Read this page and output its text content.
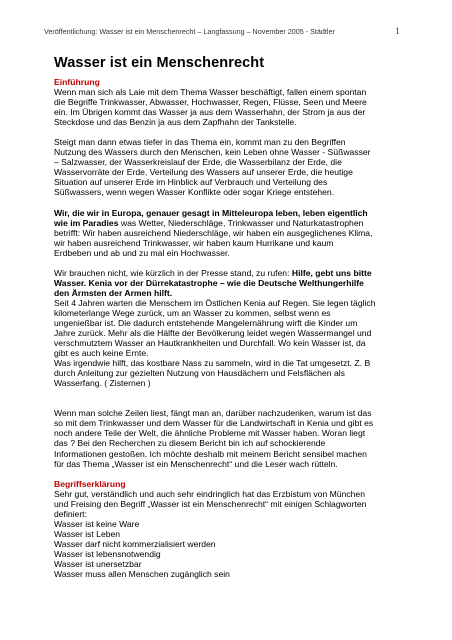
Veröffentlichung: Wasser ist ein Menschenrecht – Langfassung – November 2005 - Städtler	1
Wasser ist ein Menschenrecht
Einführung
Wenn man sich als Laie mit dem Thema Wasser beschäftigt, fallen einem spontan
die Begriffe Trinkwasser, Abwasser, Hochwasser, Regen, Flüsse, Seen und Meere
ein. Im Übrigen kommt das Wasser ja aus dem Wasserhahn, der Strom ja aus der
Steckdose und das Benzin ja aus dem Zapfhahn der Tankstelle.
Steigt man dann etwas tiefer in das Thema ein, kommt man zu den Begriffen
Nutzung des Wassers durch den Menschen, kein Leben ohne Wasser - Süßwasser
– Salzwasser, der Wasserkreislauf der Erde, die Wasserbilanz der Erde, die
Wasservorräte der Erde, Verteilung des Wassers auf unserer Erde, die heutige
Situation auf unserer Erde im Hinblick auf Verbrauch und Verteilung des
Süßwassers, wenn wegen Wasser Konflikte oder sogar Kriege entstehen.
Wir, die wir in Europa, genauer gesagt in Mitteleuropa leben, leben eigentlich
wie im Paradies was Wetter, Niederschläge, Trinkwasser und Naturkatastrophen
betrifft: Wir haben ausreichend Niederschläge, wir haben ein ausgeglichenes Klima,
wir haben ausreichend Trinkwasser, wir haben kaum Hurrikane und kaum
Erdbeben und ab und zu mal ein Hochwasser.
Wir brauchen nicht, wie kürzlich in der Presse stand, zu rufen: Hilfe, gebt uns bitte
Wasser. Kenia vor der Dürrekatastrophe – wie die Deutsche Welthungerhilfe
den Ärmsten der Armen hilft.
Seit 4 Jahren warten die Menschern im Östlichen Kenia auf Regen. Sie legen täglich
kilometerlange Wege zurück, um an Wasser zu kommen, selbst wenn es
ungenießbar ist. Die dadurch entstehende Mangelernährung wirft die Kinder um
Jahre zurück. Mehr als die Hälfte der Bevölkerung leidet wegen Wassermangel und
verschmutztem Wasser an Hautkrankheiten und Durchfall. Wo kein Wasser ist, da
gibt es auch keine Ernte.
Was irgendwie hilft, das kostbare Nass zu sammeln, wird in die Tat umgesetzt. Z. B
durch Anleitung zur gezielten Nutzung von Hausdächern und Felsflächen als
Wasserfang. ( Zisternen )
Wenn man solche Zeilen liest, fängt man an, darüber nachzudenken, warum ist das
so mit dem Trinkwasser und dem Wasser für die Landwirtschaft in Kenia und gibt es
noch andere Teile der Welt, die ähnliche Probleme mit Wasser haben. Woran liegt
das ? Bei den Recherchen zu diesem Bericht bin ich auf schockierende
Informationen gestoßen. Ich möchte deshalb mit meinem Bericht sensibel machen
für das Thema „Wasser ist ein Menschenrecht“ und die Leser wach rütteln.
Begriffserklärung
Sehr gut, verständlich und auch sehr eindringlich hat das Erzbistum von München
und Freising den Begriff „Wasser ist ein Menschenrecht“ mit einigen Schlagworten
definiert:
Wasser ist keine Ware
Wasser ist Leben
Wasser darf nicht kommerzialisiert werden
Wasser ist lebensnotwendig
Wasser ist unersetzbar
Wasser muss allen Menschen zugänglich sein
